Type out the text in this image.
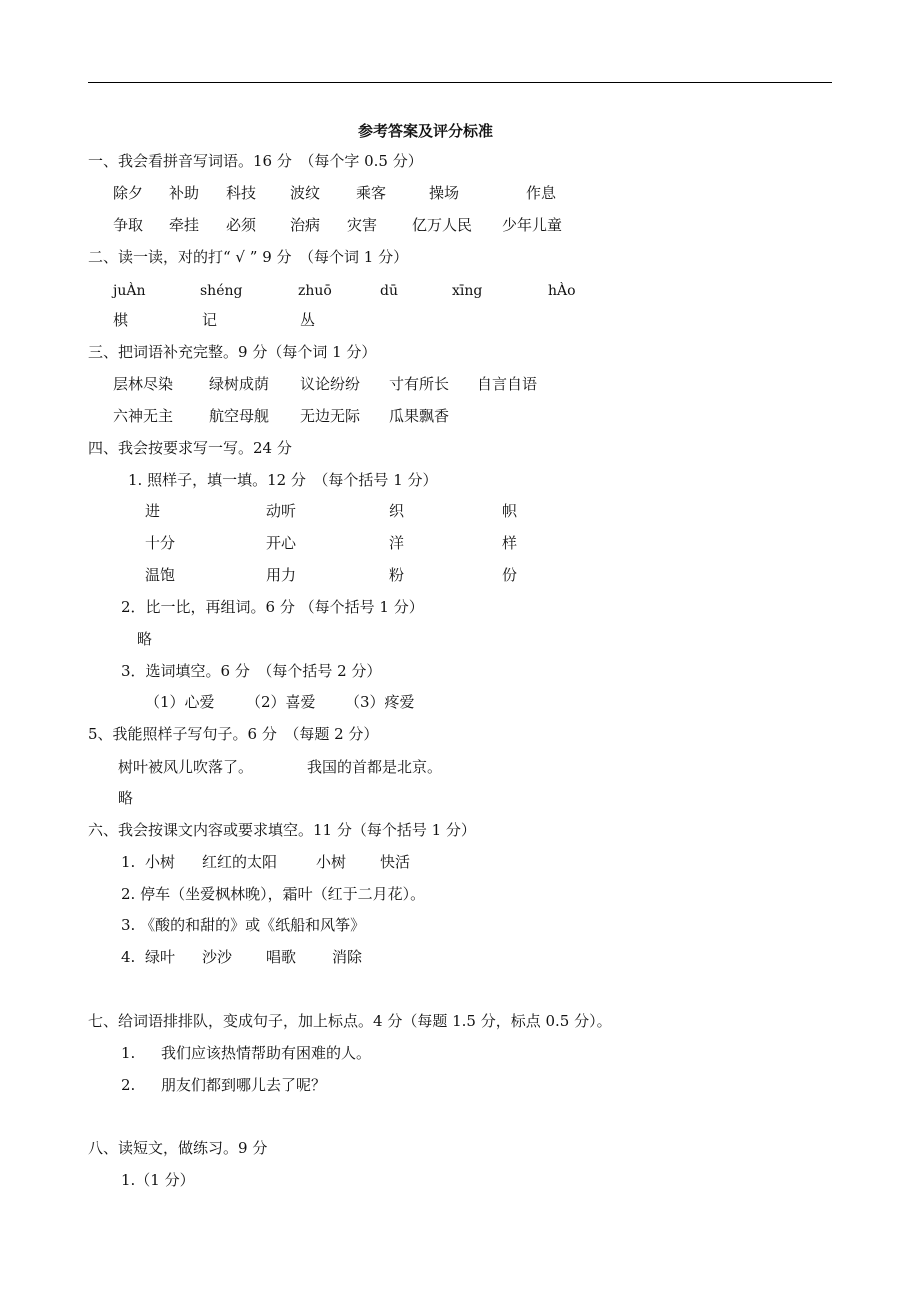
参考答案及评分标准
一、我会看拼音写词语。16 分　（每个字 0.5 分）
除夕 补助 科技 波纹 乘客	操场	作息
争取 牵挂 必须 治病 灾害 亿万人民 少年儿童
二、读一读，对的打“ √ ” 9 分　（每个词 1 分）
juÀn	shéng	zhuō	dū	xīng	hÀo
棋	记	丛
三、把词语补充完整。9 分（每个词 1 分）
层林尽染 绿树成荫 议论纷纷 寸有所长 自言自语
六神无主 航空母舰 无边无际 瓜果飘香
四、我会按要求写一写。24 分
1. 照样子，填一填。12 分　（每个括号 1 分）
进	动听	织	帜
十分	开心	洋	样
温饱	用力	粉	份
2．比一比，再组词。6 分 （每个括号 1 分）
略
3．选词填空。6 分　（每个括号 2 分）
（1）心爱 （2）喜爱 （3）疼爱
5、我能照样子写句子。6 分　（每题 2 分）
树叶被风儿吹落了。	我国的首都是北京。
略
六、我会按课文内容或要求填空。11 分（每个括号 1 分）
1. 小树 红红的太阳	小树 快活
2. 停车（坐爱枫林晚），霜叶（红于二月花）。
3. 《酸的和甜的》或《纸船和风筝》
4. 绿叶 沙沙 唱歌 消除
七、给词语排排队，变成句子，加上标点。4 分（每题 1.5 分，标点 0.5 分）。
1. 我们应该热情帮助有困难的人。
2. 朋友们都到哪儿去了呢？
八、读短文，做练习。9 分
1.（1 分）
